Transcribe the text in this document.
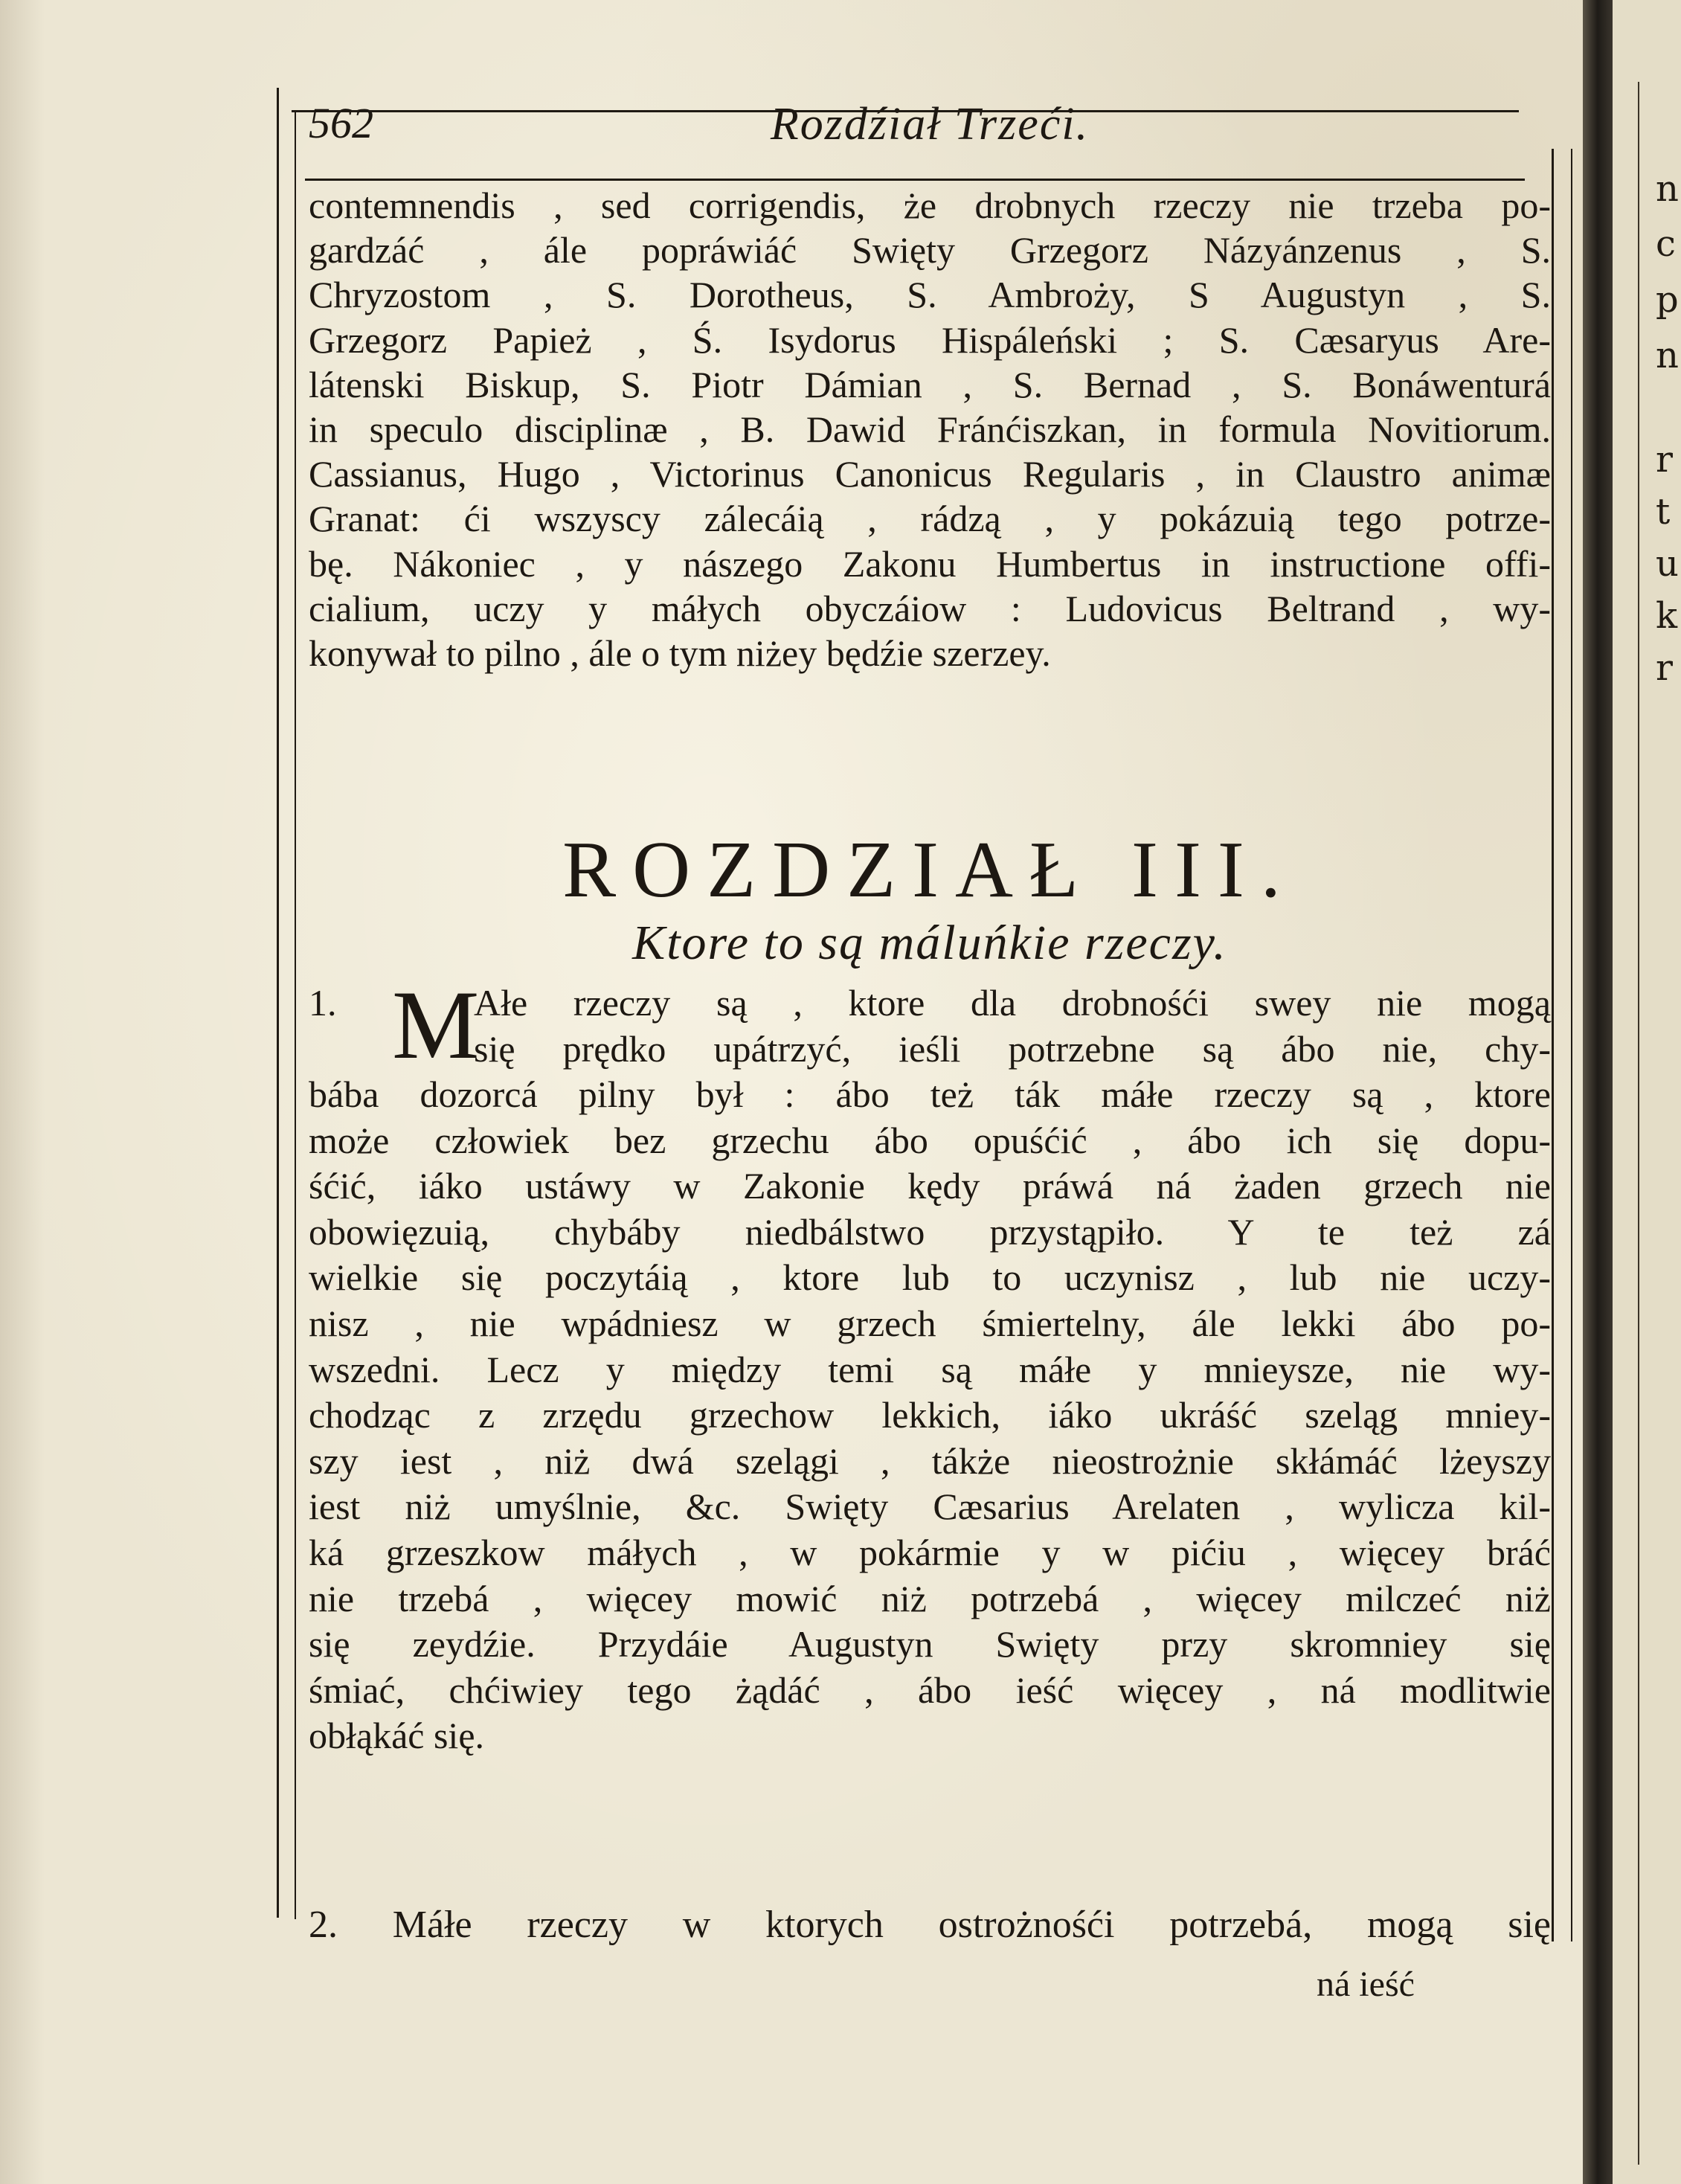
562	Rozdźiał Trzeći.
contemnendis , sed corrigendis, że drobnych rzeczy nie trzeba po-
gardzáć , ále popráwiáć Swięty Grzegorz Názyánzenus , S.
Chryzostom , S. Dorotheus, S. Ambroży, S Augustyn , S.
Grzegorz Papież , Ś. Isydorus Hispáleński ; S. Cæsaryus Are-
látenski Biskup, S. Piotr Dámian , S. Bernad , S. Bonáwenturá
in speculo disciplinæ , B. Dawid Fránćiszkan, in formula Novitiorum.
Cassianus, Hugo , Victorinus Canonicus Regularis , in Claustro animæ
Granat: ći wszyscy zálecáią , rádzą , y pokázuią tego potrze-
bę. Nákoniec , y nászego Zakonu Humbertus in instructione offi-
cialium, uczy y máłych obyczáiow : Ludovicus Beltrand , wy-
konywał to pilno , ále o tym niżey będźie szerzey.
ROZDZIAŁ III.
Ktore to są máluńkie rzeczy.
1. M
Ałe rzeczy są , ktore dla drobnośći swey nie mogą
się prędko upátrzyć, ieśli potrzebne są ábo nie, chy-
bába dozorcá pilny był : ábo też ták máłe rzeczy są , ktore
może człowiek bez grzechu ábo opuśćić , ábo ich się dopu-
śćić, iáko ustáwy w Zakonie kędy práwá ná żaden grzech nie
obowięzuią, chybáby niedbálstwo przystąpiło. Y te też zá
wielkie się poczytáią , ktore lub to uczynisz , lub nie uczy-
nisz , nie wpádniesz w grzech śmiertelny, ále lekki ábo po-
wszedni. Lecz y między temi są máłe y mnieysze, nie wy-
chodząc z zrzędu grzechow lekkich, iáko ukráść szeląg mniey-
szy iest , niż dwá szelągi , tákże nieostrożnie skłámáć lżeyszy
iest niż umyślnie, &c. Swięty Cæsarius Arelaten , wylicza kil-
ká grzeszkow máłych , w pokármie y w pićiu , więcey bráć
nie trzebá , więcey mowić niż potrzebá , więcey milczeć niż
się zeydźie. Przydáie Augustyn Swięty przy skromniey się
śmiać, chćiwiey tego żądáć , ábo ieść więcey , ná modlitwie
obłąkáć się.
2. Máłe rzeczy w ktorych ostrożnośći potrzebá, mogą się
ná ieść
n
c
p
n
r
t
u
k
r
